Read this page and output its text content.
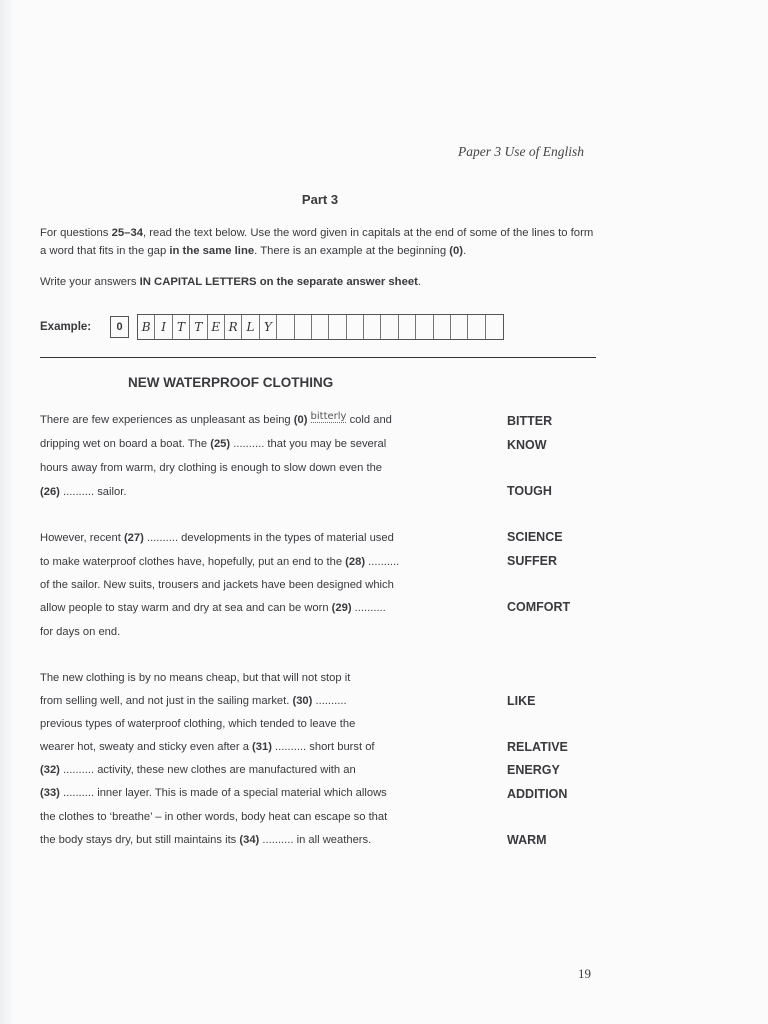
Paper 3 Use of English
Part 3
For questions 25–34, read the text below. Use the word given in capitals at the end of some of the lines to form a word that fits in the gap in the same line. There is an example at the beginning (0).
Write your answers IN CAPITAL LETTERS on the separate answer sheet.
Example:	0	B I T T E R L Y
NEW WATERPROOF CLOTHING
There are few experiences as unpleasant as being (0) bitterly cold and
dripping wet on board a boat. The (25) .......... that you may be several
hours away from warm, dry clothing is enough to slow down even the
(26) .......... sailor.
However, recent (27) .......... developments in the types of material used
to make waterproof clothes have, hopefully, put an end to the (28) ..........
of the sailor. New suits, trousers and jackets have been designed which
allow people to stay warm and dry at sea and can be worn (29) ..........
for days on end.
The new clothing is by no means cheap, but that will not stop it
from selling well, and not just in the sailing market. (30) ..........
previous types of waterproof clothing, which tended to leave the
wearer hot, sweaty and sticky even after a (31) .......... short burst of
(32) .......... activity, these new clothes are manufactured with an
(33) .......... inner layer. This is made of a special material which allows
the clothes to ‘breathe’ – in other words, body heat can escape so that
the body stays dry, but still maintains its (34) .......... in all weathers.
BITTER
KNOW
TOUGH
SCIENCE
SUFFER
COMFORT
LIKE
RELATIVE
ENERGY
ADDITION
WARM
19
